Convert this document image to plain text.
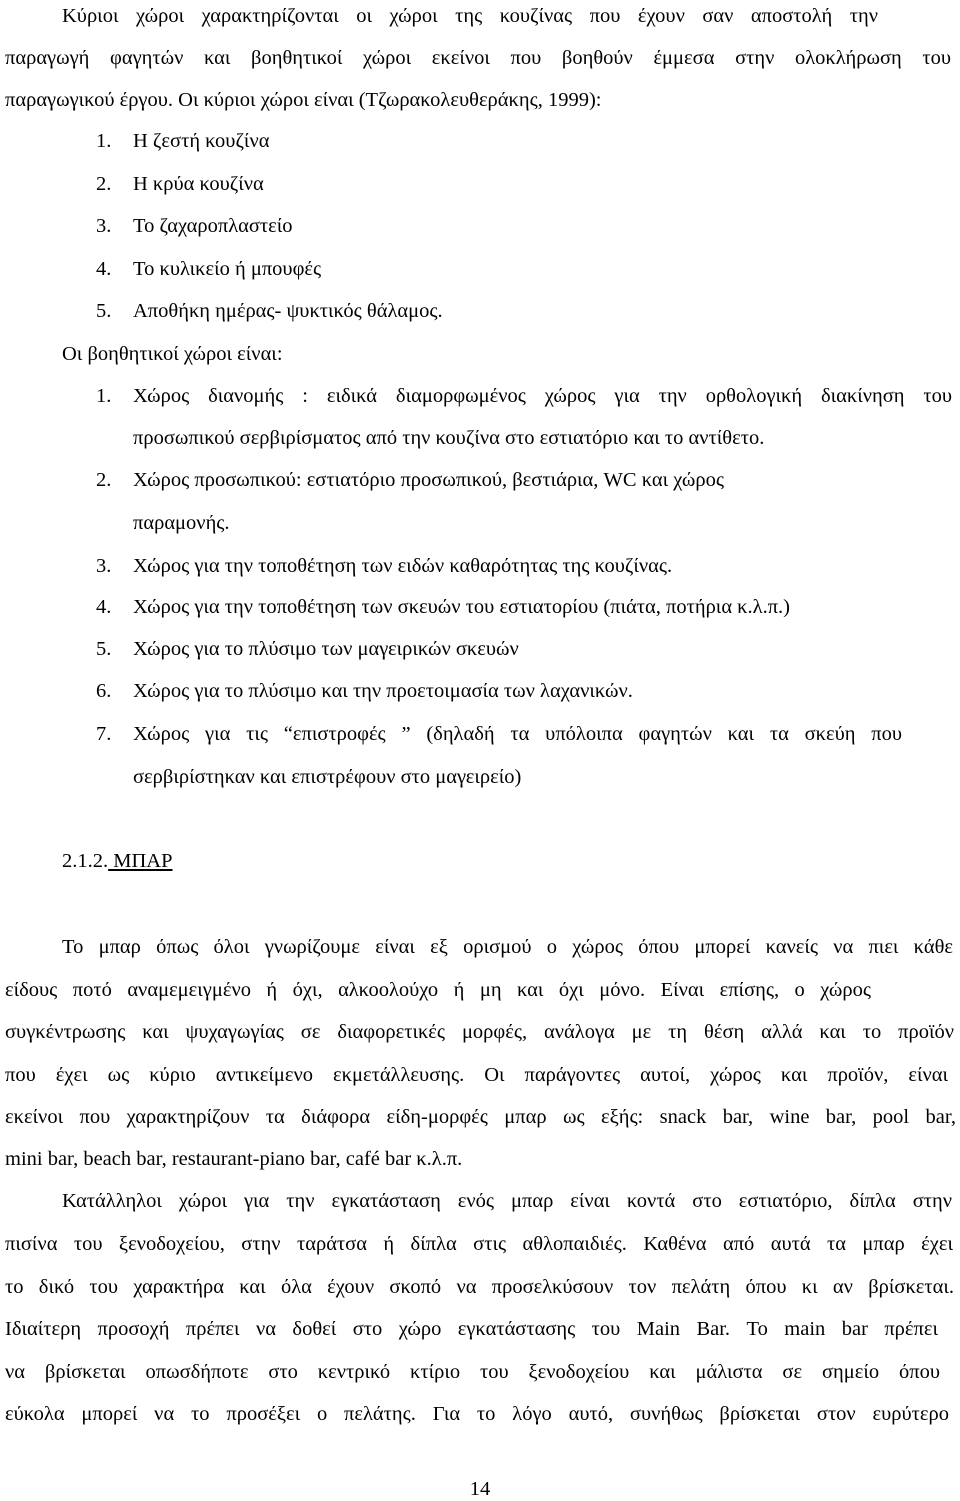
Κύριοι χώροι χαρακτηρίζονται οι χώροι της κουζίνας που έχουν σαν αποστολή την

παραγωγή φαγητών και βοηθητικοί χώροι εκείνοι που βοηθούν έμμεσα στην ολοκλήρωση του

παραγωγικού έργου. Οι κύριοι χώροι είναι (Τζωρακολευθεράκης, 1999):

1. Η ζεστή κουζίνα
2. Η κρύα κουζίνα
3. Το ζαχαροπλαστείο
4. Το κυλικείο ή μπουφές
5. Αποθήκη ημέρας- ψυκτικός θάλαμος.

Οι βοηθητικοί χώροι είναι:

1. Χώρος διανομής : ειδικά διαμορφωμένος χώρος για την ορθολογική διακίνηση του
προσωπικού σερβιρίσματος από την κουζίνα στο εστιατόριο και το αντίθετο.
2. Χώρος προσωπικού: εστιατόριο προσωπικού, βεστιάρια, WC και χώρος
παραμονής.
3. Χώρος για την τοποθέτηση των ειδών καθαρότητας της κουζίνας.
4. Χώρος για την τοποθέτηση των σκευών του εστιατορίου (πιάτα, ποτήρια κ.λ.π.)
5. Χώρος για το πλύσιμο των μαγειρικών σκευών
6. Χώρος για το πλύσιμο και την προετοιμασία των λαχανικών.
7. Χώρος για τις “επιστροφές ” (δηλαδή τα υπόλοιπα φαγητών και τα σκεύη που
σερβιρίστηκαν και επιστρέφουν στο μαγειρείο)
2.1.2. ΜΠΑΡ

Το μπαρ όπως όλοι γνωρίζουμε είναι εξ ορισμού ο χώρος όπου μπορεί κανείς να πιει κάθε

είδους ποτό αναμεμειγμένο ή όχι, αλκοολούχο ή μη και όχι μόνο. Είναι επίσης, ο χώρος

συγκέντρωσης και ψυχαγωγίας σε διαφορετικές μορφές, ανάλογα με τη θέση αλλά και το προϊόν

που έχει ως κύριο αντικείμενο εκμετάλλευσης. Οι παράγοντες αυτοί, χώρος και προϊόν, είναι

εκείνοι που χαρακτηρίζουν τα διάφορα είδη-μορφές μπαρ ως εξής: snack bar, wine bar, pool bar,

mini bar, beach bar, restaurant-piano bar, café bar κ.λ.π.

Κατάλληλοι χώροι για την εγκατάσταση ενός μπαρ είναι κοντά στο εστιατόριο, δίπλα στην

πισίνα του ξενοδοχείου, στην ταράτσα ή δίπλα στις αθλοπαιδιές. Καθένα από αυτά τα μπαρ έχει

το δικό του χαρακτήρα και όλα έχουν σκοπό να προσελκύσουν τον πελάτη όπου κι αν βρίσκεται.

Ιδιαίτερη προσοχή πρέπει να δοθεί στο χώρο εγκατάστασης του Main Bar. Το main bar πρέπει

να βρίσκεται οπωσδήποτε στο κεντρικό κτίριο του ξενοδοχείου και μάλιστα σε σημείο όπου

εύκολα μπορεί να το προσέξει ο πελάτης. Για το λόγο αυτό, συνήθως βρίσκεται στον ευρύτερο

14
